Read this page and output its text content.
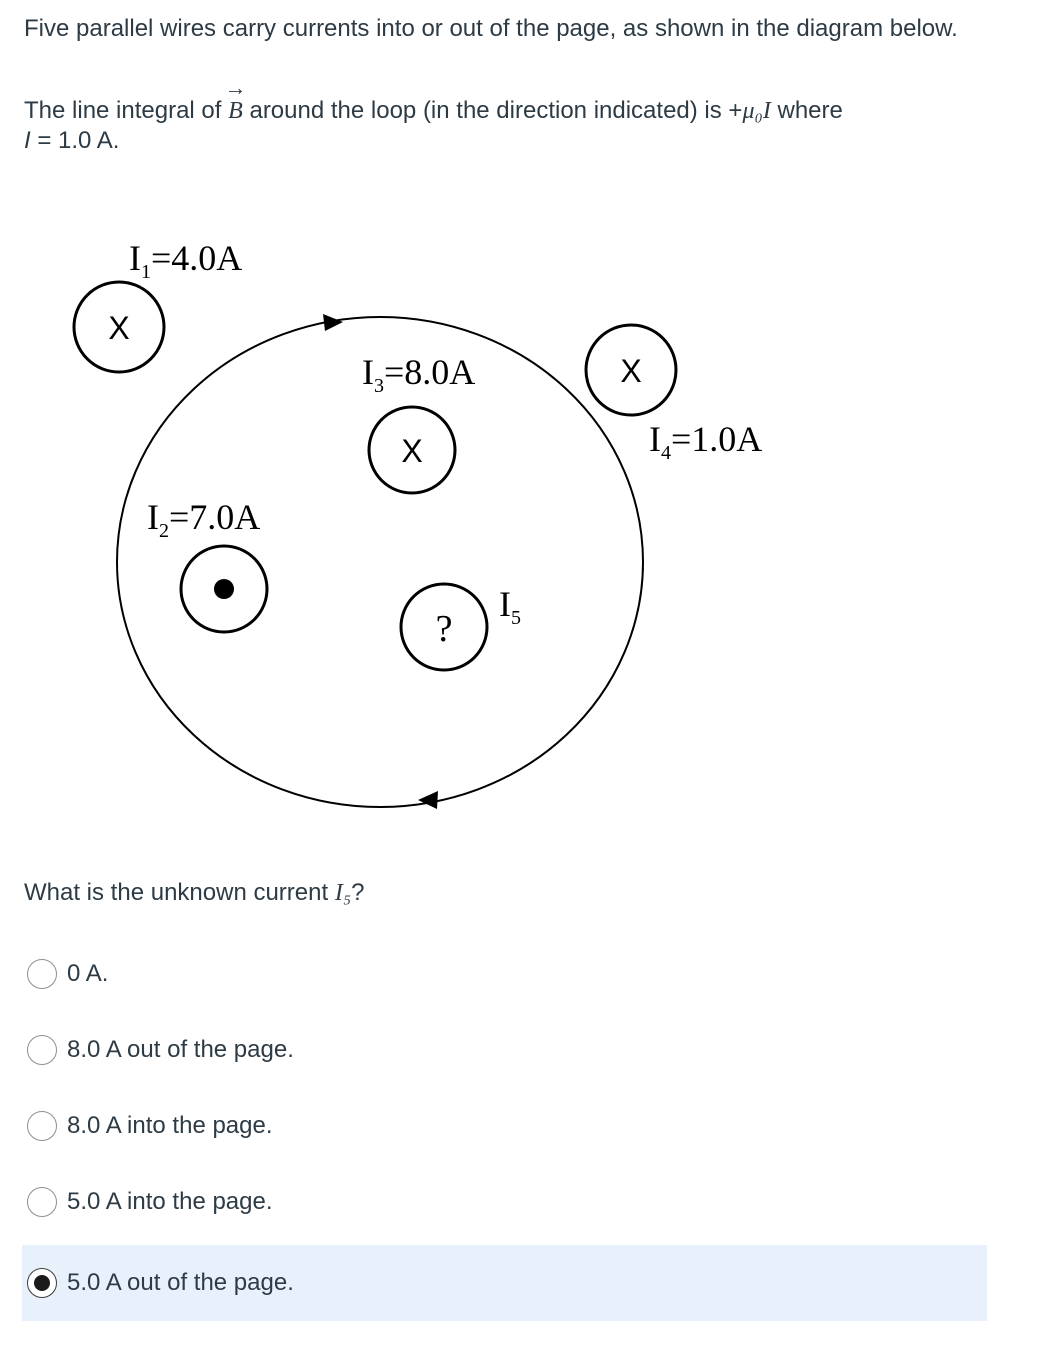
Five parallel wires carry currents into or out of the page, as shown in the diagram below.
The line integral of
→
B around the loop (in the direction indicated) is +μ₀I where
I = 1.0 A.
X
$I_1=4.0A$
$I_2=7.0A$
X
$I_3=8.0A$	X
$I_4=1.0A$
?
$I_5$
What is the unknown current I₅?
0 A.
8.0 A out of the page.
8.0 A into the page.
5.0 A into the page.
5.0 A out of the page.
